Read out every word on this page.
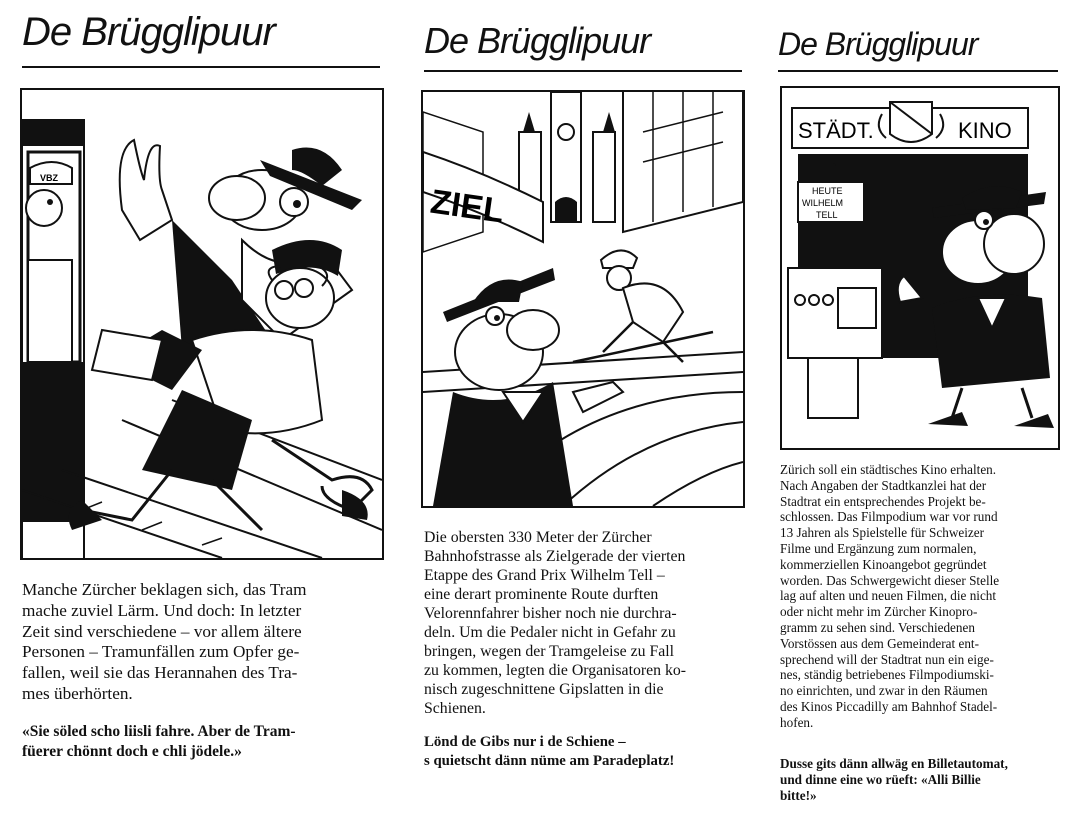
De Brügglipuur
VBZ
Manche Zürcher beklagen sich, das Tram
mache zuviel Lärm. Und doch: In letzter
Zeit sind verschiedene – vor allem ältere
Personen – Tramunfällen zum Opfer ge-
fallen, weil sie das Herannahen des Tra-
mes überhörten.
«Sie söled scho liisli fahre. Aber de Tram-
füerer chönnt doch e chli jödele.»
De Brügglipuur
ZIEL
Die obersten 330 Meter der Zürcher
Bahnhofstrasse als Zielgerade der vierten
Etappe des Grand Prix Wilhelm Tell –
eine derart prominente Route durften
Velorennfahrer bisher noch nie durchra-
deln. Um die Pedaler nicht in Gefahr zu
bringen, wegen der Tramgeleise zu Fall
zu kommen, legten die Organisatoren ko-
nisch zugeschnittene Gipslatten in die
Schienen.
Lönd de Gibs nur i de Schiene –
s quietscht dänn nüme am Paradeplatz!
De Brügglipuur
STÄDT.	KINO
HEUTE
WILHELM
TELL
Zürich soll ein städtisches Kino erhalten.
Nach Angaben der Stadtkanzlei hat der
Stadtrat ein entsprechendes Projekt be-
schlossen. Das Filmpodium war vor rund
13 Jahren als Spielstelle für Schweizer
Filme und Ergänzung zum normalen,
kommerziellen Kinoangebot gegründet
worden. Das Schwergewicht dieser Stelle
lag auf alten und neuen Filmen, die nicht
oder nicht mehr im Zürcher Kinopro-
gramm zu sehen sind. Verschiedenen
Vorstössen aus dem Gemeinderat ent-
sprechend will der Stadtrat nun ein eige-
nes, ständig betriebenes Filmpodiumski-
no einrichten, und zwar in den Räumen
des Kinos Piccadilly am Bahnhof Stadel-
hofen.
Dusse gits dänn allwäg en Billetautomat,
und dinne eine wo rüeft: «Alli Billie
bitte!»
